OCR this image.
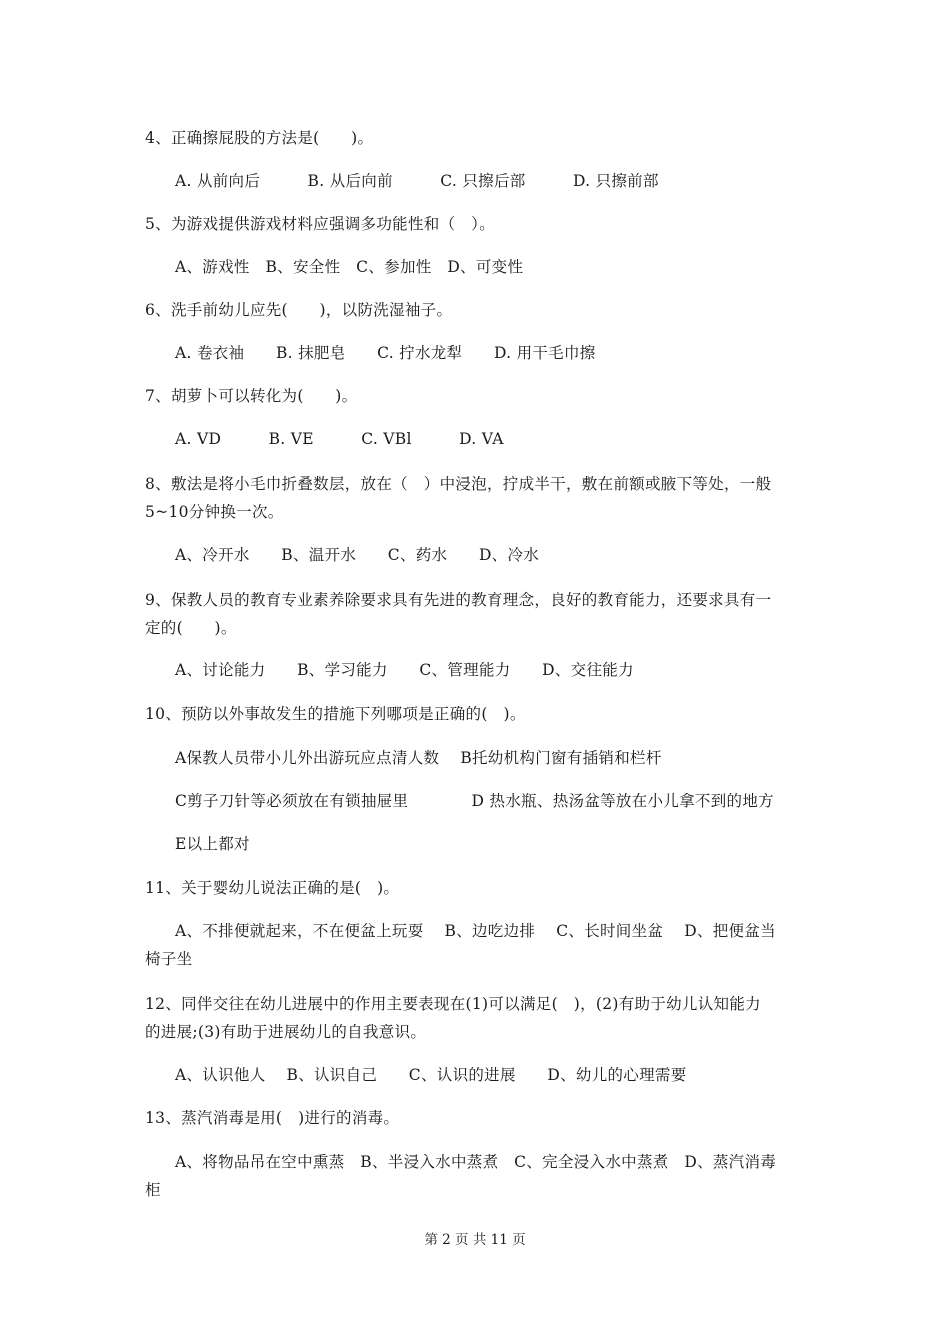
4、正确擦屁股的方法是(　　)。
A. 从前向后　　　B. 从后向前　　　C. 只擦后部　　　D. 只擦前部
5、为游戏提供游戏材料应强调多功能性和（　）。
A、游戏性　B、安全性　C、参加性　D、可变性
6、洗手前幼儿应先(　　)，以防洗湿袖子。
A. 卷衣袖　　B. 抹肥皂　　C. 拧水龙犁　　D. 用干毛巾擦
7、胡萝卜可以转化为(　　)。
A. VD　　　B. VE　　　C. VBl　　　D. VA
8、敷法是将小毛巾折叠数层，放在（　）中浸泡，拧成半干，敷在前额或腋下等处，一般
5~10分钟换一次。
A、冷开水　　B、温开水　　C、药水　　D、冷水
9、保教人员的教育专业素养除要求具有先进的教育理念，良好的教育能力，还要求具有一
定的(　　)。
A、讨论能力　　B、学习能力　　C、管理能力　　D、交往能力
10、预防以外事故发生的措施下列哪项是正确的(　)。
A保教人员带小儿外出游玩应点清人数　 B托幼机构门窗有插销和栏杆
C剪子刀针等必须放在有锁抽屉里　　　　D 热水瓶、热汤盆等放在小儿拿不到的地方
E以上都对
11、关于婴幼儿说法正确的是(　)。
A、不排便就起来，不在便盆上玩耍　 B、边吃边排　 C、长时间坐盆　 D、把便盆当
椅子坐
12、同伴交往在幼儿进展中的作用主要表现在(1)可以满足(　)，(2)有助于幼儿认知能力
的进展;(3)有助于进展幼儿的自我意识。
A、认识他人　 B、认识自己　　C、认识的进展　　D、幼儿的心理需要
13、蒸汽消毒是用(　)进行的消毒。
A、将物品吊在空中熏蒸　B、半浸入水中蒸煮　C、完全浸入水中蒸煮　D、蒸汽消毒
柜
第 2 页 共 11 页
